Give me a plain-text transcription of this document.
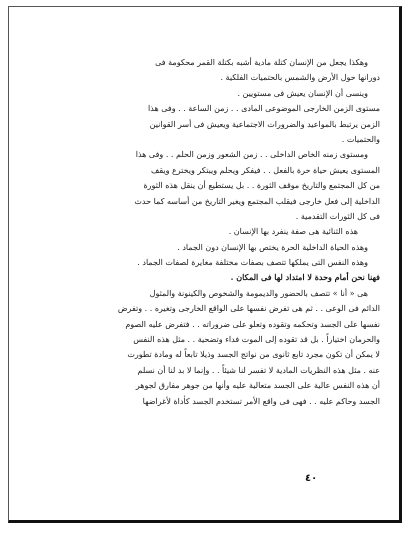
وهكذا يجعل من الإنسان كتلة مادية أشبه بكتلة القمر محكومة فى
دورانها حول الأرض والشمس بالحتميات الفلكية .
وينسى أن الإنسان يعيش فى مستويين .
مستوى الزمن الخارجى الموضوعى المادى . . زمن الساعة . . وفى هذا
الزمن يرتبط بالمواعيد والضرورات الاجتماعية ويعيش فى أسر القوانين
والحتميات .
ومستوى زمنه الخاص الداخلى . . زمن الشعور وزمن الحلم . . وفى هذا
المستوى يعيش حياة حرة بالفعل . . فيفكر ويحلم ويبتكر ويخترع ويقف
من كل المجتمع والتاريخ موقف الثورة . . بل يستطيع أن ينقل هذه الثورة
الداخلية إلى فعل خارجى فيقلب المجتمع ويغير التاريخ من أساسه كما حدث
فى كل الثورات التقدمية .
هذه الثنائية هى صفة ينفرد بها الإنسان .
وهذه الحياة الداخلية الحرة يختص بها الإنسان دون الجماد .
وهذه النفس التى يملكها تتصف بصفات مختلفة مغايرة لصفات الجماد .
فهنا نحن أمام وحدة لا امتداد لها فى المكان .
هى « أنا » تتصف بالحضور والديمومة والشخوص والكينونة والمثول
الدائم فى الوعى . . ثم هى تفرض نفسها على الواقع الخارجى وتغيره . . وتفرض
نفسها على الجسد وتحكمه وتقوده وتعلو على ضروراته . . فتفرض عليه الصوم
والحرمان اختياراً . بل قد تقوده إلى الموت فداء وتضحية . . مثل هذه النفس
لا يمكن أن تكون مجرد تابع ثانوى من نواتج الجسد وذيلا تابعاً له ومادة تطورت
عنه . مثل هذه النظريات المادية لا تفسر لنا شيئاً . . وإنما لا بد لنا أن نسلم
أن هذه النفس عالية على الجسد متعالية عليه وأنها من جوهر مفارق لجوهر
الجسد وحاكم عليه . . فهى فى واقع الأمر تستخدم الجسد كأداة لأغراضها
٤٠
